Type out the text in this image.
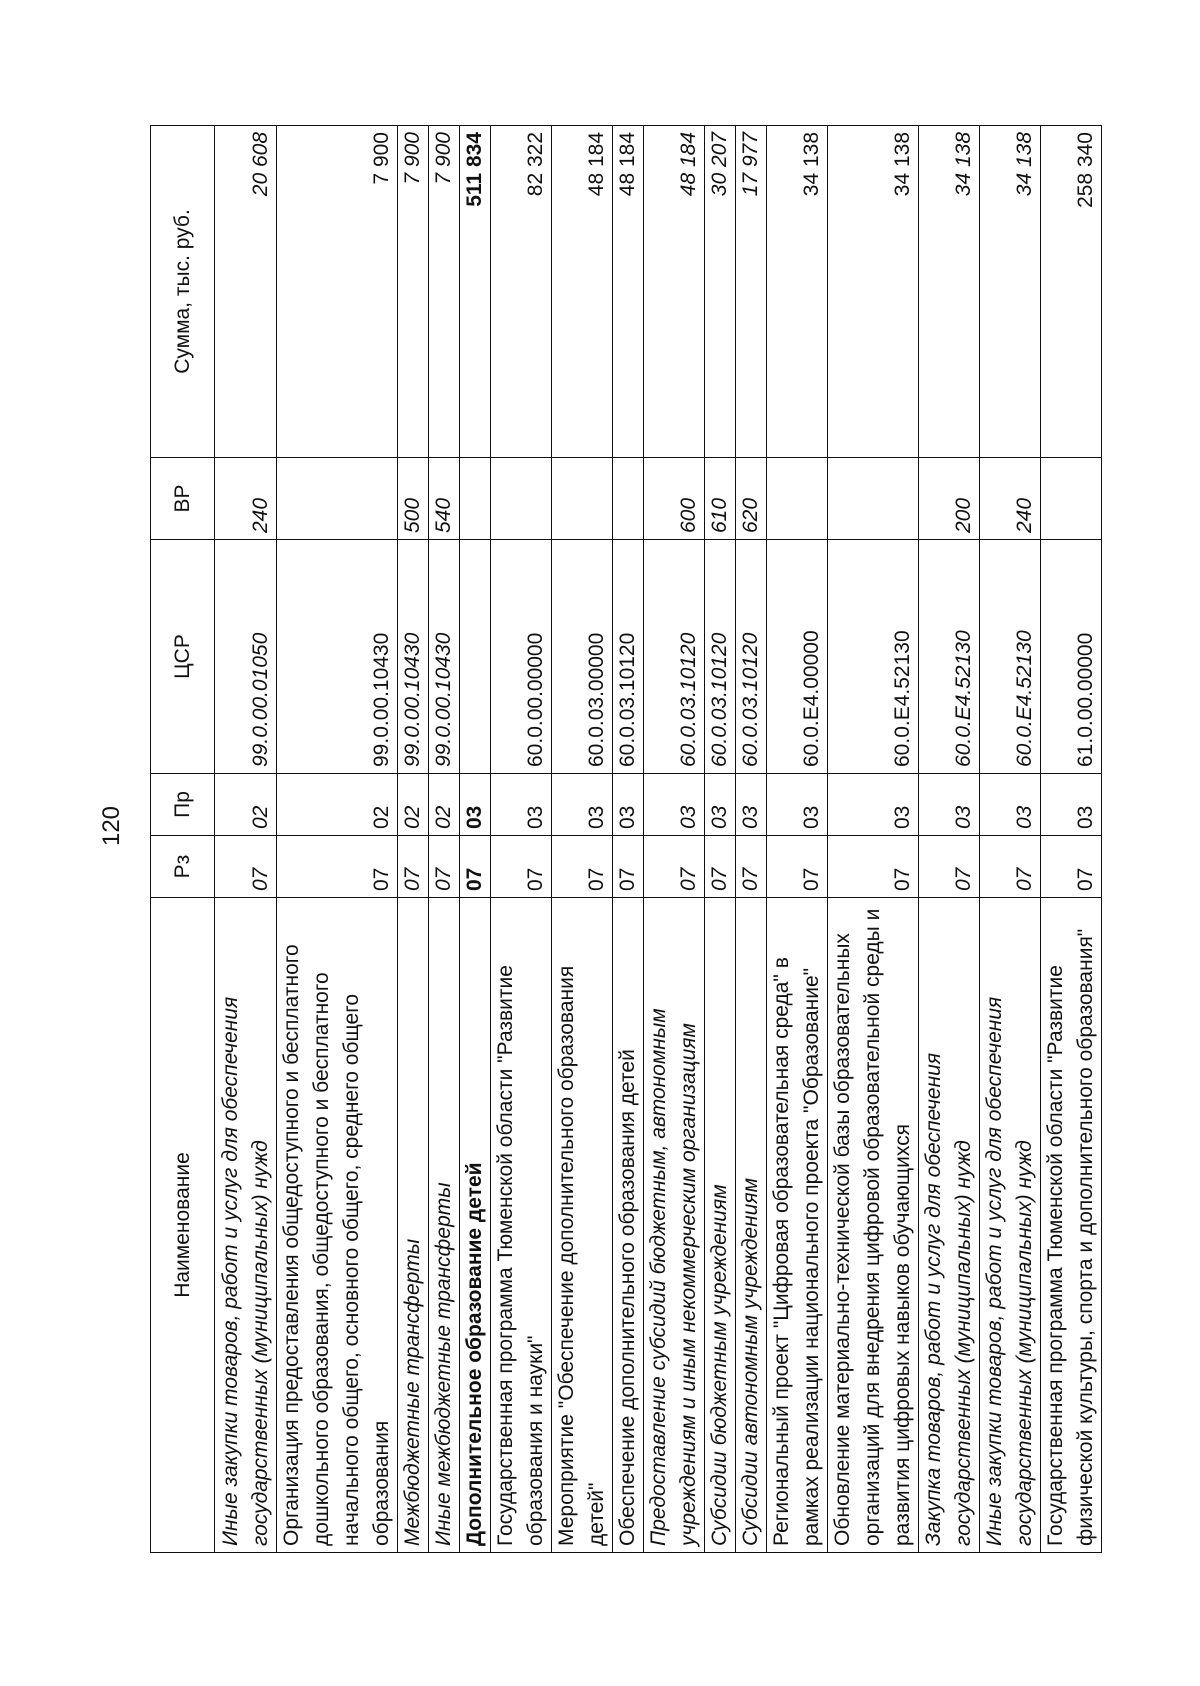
120
Наименование	Рз	Пр	ЦСР	ВР	Сумма, тыс. руб.
Иные закупки товаров, работ и услуг для обеспечения государственных (муниципальных) нужд	07	02	99.0.00.01050	240	20 608
Организация предоставления общедоступного и бесплатного дошкольного образования, общедоступного и бесплатного начального общего, основного общего, среднего общего образования	07	02	99.0.00.10430		7 900
Межбюджетные трансферты	07	02	99.0.00.10430	500	7 900
Иные межбюджетные трансферты	07	02	99.0.00.10430	540	7 900
Дополнительное образование детей	07	03			511 834
Государственная программа Тюменской области "Развитие образования и науки"	07	03	60.0.00.00000		82 322
Мероприятие "Обеспечение дополнительного образования детей"	07	03	60.0.03.00000		48 184
Обеспечение дополнительного образования детей	07	03	60.0.03.10120		48 184
Предоставление субсидий бюджетным, автономным учреждениям и иным некоммерческим организациям	07	03	60.0.03.10120	600	48 184
Субсидии бюджетным учреждениям	07	03	60.0.03.10120	610	30 207
Субсидии автономным учреждениям	07	03	60.0.03.10120	620	17 977
Региональный проект "Цифровая образовательная среда" в рамках реализации национального проекта "Образование"	07	03	60.0.E4.00000		34 138
Обновление материально-технической базы образовательных организаций для внедрения цифровой образовательной среды и развития цифровых навыков обучающихся	07	03	60.0.E4.52130		34 138
Закупка товаров, работ и услуг для обеспечения государственных (муниципальных) нужд	07	03	60.0.E4.52130	200	34 138
Иные закупки товаров, работ и услуг для обеспечения государственных (муниципальных) нужд	07	03	60.0.E4.52130	240	34 138
Государственная программа Тюменской области "Развитие физической культуры, спорта и дополнительного образования"	07	03	61.0.00.00000		258 340
